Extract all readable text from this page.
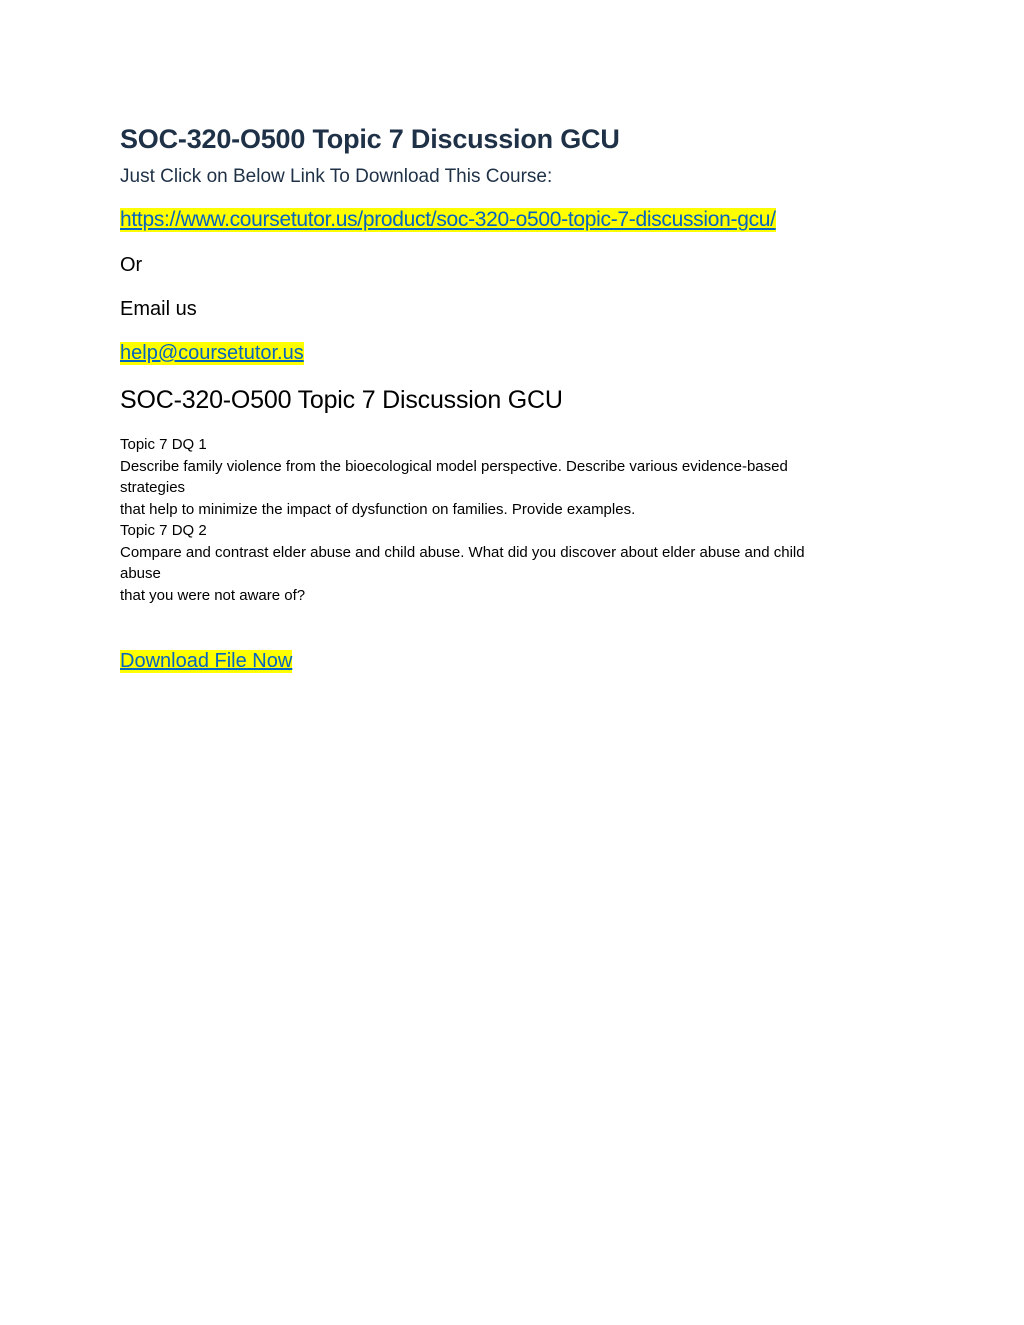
SOC-320-O500 Topic 7 Discussion GCU
Just Click on Below Link To Download This Course:
https://www.coursetutor.us/product/soc-320-o500-topic-7-discussion-gcu/
Or
Email us
help@coursetutor.us
SOC-320-O500 Topic 7 Discussion GCU
Topic 7 DQ 1
Describe family violence from the bioecological model perspective. Describe various evidence-based
strategies
that help to minimize the impact of dysfunction on families. Provide examples.
Topic 7 DQ 2
Compare and contrast elder abuse and child abuse. What did you discover about elder abuse and child
abuse
that you were not aware of?
Download File Now
